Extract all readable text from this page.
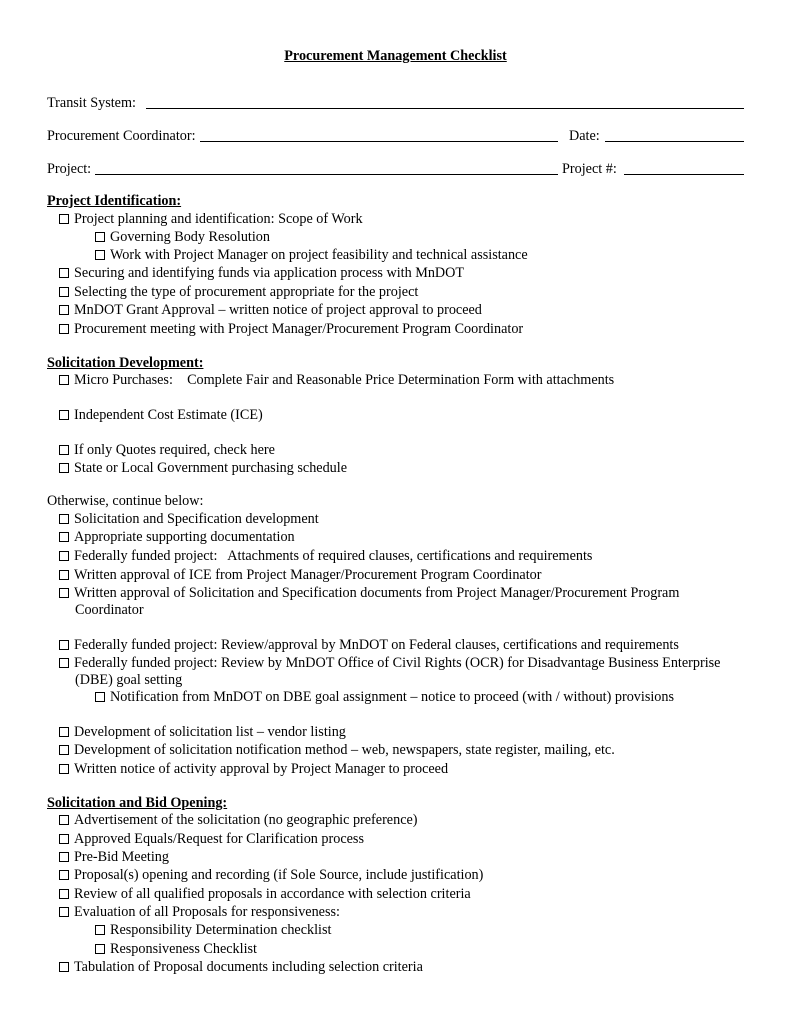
Procurement Management Checklist
Transit System:
Procurement Coordinator:	Date:
Project:	Project #:
Project Identification:
Project planning and identification: Scope of Work
Governing Body Resolution
Work with Project Manager on project feasibility and technical assistance
Securing and identifying funds via application process with MnDOT
Selecting the type of procurement appropriate for the project
MnDOT Grant Approval – written notice of project approval to proceed
Procurement meeting with Project Manager/Procurement Program Coordinator
Solicitation Development:
Micro Purchases:    Complete Fair and Reasonable Price Determination Form with attachments
Independent Cost Estimate (ICE)
If only Quotes required, check here
State or Local Government purchasing schedule
Otherwise, continue below:
Solicitation and Specification development
Appropriate supporting documentation
Federally funded project:   Attachments of required clauses, certifications and requirements
Written approval of ICE from Project Manager/Procurement Program Coordinator
Written approval of Solicitation and Specification documents from Project Manager/Procurement Program
Coordinator
Federally funded project: Review/approval by MnDOT on Federal clauses, certifications and requirements
Federally funded project: Review by MnDOT Office of Civil Rights (OCR) for Disadvantage Business Enterprise
(DBE) goal setting
Notification from MnDOT on DBE goal assignment – notice to proceed (with / without) provisions
Development of solicitation list – vendor listing
Development of solicitation notification method – web, newspapers, state register, mailing, etc.
Written notice of activity approval by Project Manager to proceed
Solicitation and Bid Opening:
Advertisement of the solicitation (no geographic preference)
Approved Equals/Request for Clarification process
Pre-Bid Meeting
Proposal(s) opening and recording (if Sole Source, include justification)
Review of all qualified proposals in accordance with selection criteria
Evaluation of all Proposals for responsiveness:
Responsibility Determination checklist
Responsiveness Checklist
Tabulation of Proposal documents including selection criteria
